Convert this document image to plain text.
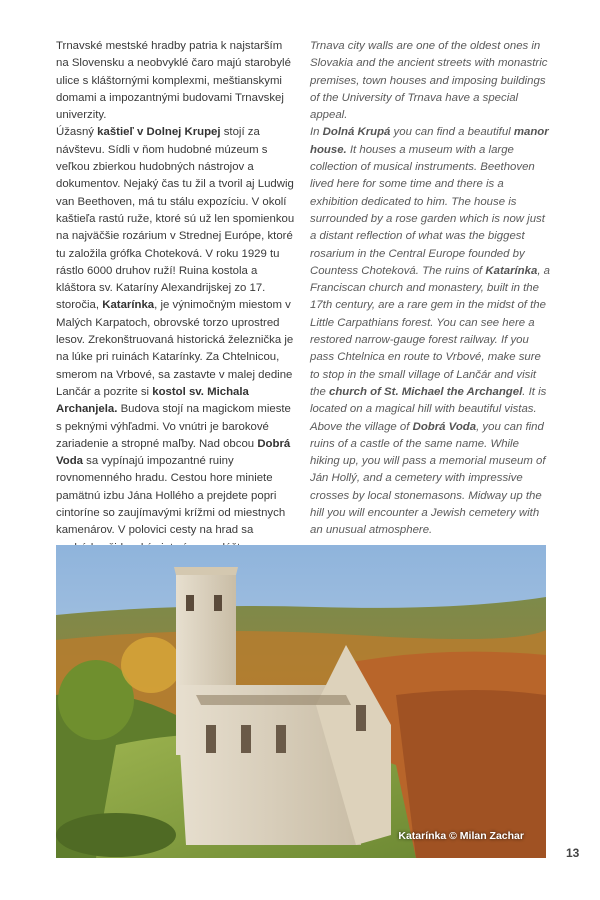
Trnavské mestské hradby patria k najstarším na Slovensku a neobvyklé čaro majú starobylé ulice s kláštornými komplexmi, meštianskymi domami a impozantnými budovami Trnavskej univerzity.

Úžasný kaštieľ v Dolnej Krupej stojí za návštevu. Sídli v ňom hudobné múzeum s veľkou zbierkou hudobných nástrojov a dokumentov. Nejaký čas tu žil a tvoril aj Ludwig van Beethoven, má tu stálu expozíciu. V okolí kaštieľa rastú ruže, ktoré sú už len spomienkou na najväčšie rozárium v Strednej Európe, ktoré tu založila grófka Choteková. V roku 1929 tu rástlo 6000 druhov ruží! Ruina kostola a kláštora sv. Kataríny Alexandrijskej zo 17. storočia, Katarínka, je výnimočným miestom v Malých Karpatoch, obrovské torzo uprostred lesov. Zrekonštruovaná historická železnička je na lúke pri ruinách Katarínky. Za Chtelnicou, smerom na Vrbové, sa zastavte v malej dedine Lančár a pozrite si kostol sv. Michala Archanjela. Budova stojí na magickom mieste s peknými výhľadmi. Vo vnútri je barokové zariadenie a stropné maľby. Nad obcou Dobrá Voda sa vypínajú impozantné ruiny rovnomenného hradu. Cestou hore miniete pamätnú izbu Jána Hollého a prejdete popri cintoríne so zaujímavými krížmi od miestnych kamenárov. V polovici cesty na hrad sa

Trnava city walls are one of the oldest ones in Slovakia and the ancient streets with monastric premises, town houses and imposing buildings of the University of Trnava have a special appeal.

In Dolná Krupá you can find a beautiful manor house. It houses a museum with a large collection of musical instruments. Beethoven lived here for some time and there is a exhibition dedicated to him. The house is surrounded by a rose garden which is now just a distant reflection of what was the biggest rosarium in the Central Europe founded by Countess Choteková. The ruins of Katarínka, a Franciscan church and monastery, built in the 17th century, are a rare gem in the midst of the Little Carpathians forest. You can see here a restored narrow-gauge forest railway. If you pass Chtelnica en route to Vrbové, make sure to stop in the small village of Lančár and visit the church of St. Michael the Archangel. It is located on a magical hill with beautiful vistas. Above the village of Dobrá Voda, you can find ruins of a castle of the same name. While hiking up, you will pass a memorial museum of Ján Hollý, and a cemetery with impressive crosses by local stonemasons. Midway up the hill you will encounter a Jewish cemetery with an unusual atmosphere.

Katarínka © Milan Zachar
13
